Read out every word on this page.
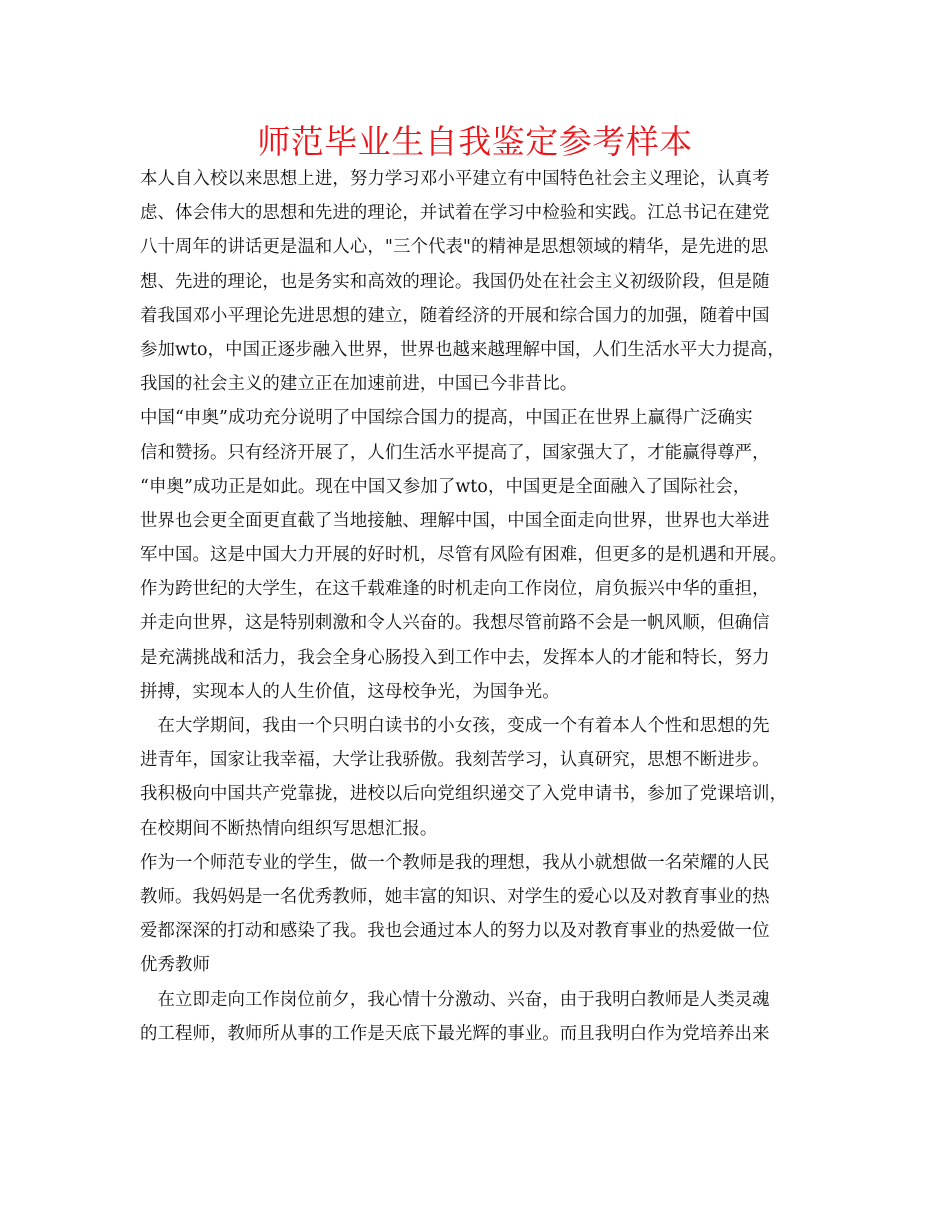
师范毕业生自我鉴定参考样本
本人自入校以来思想上进，努力学习邓小平建立有中国特色社会主义理论，认真考
虑、体会伟大的思想和先进的理论，并试着在学习中检验和实践。江总书记在建党
八十周年的讲话更是温和人心，"三个代表"的精神是思想领域的精华，是先进的思
想、先进的理论，也是务实和高效的理论。我国仍处在社会主义初级阶段，但是随
着我国邓小平理论先进思想的建立，随着经济的开展和综合国力的加强，随着中国
参加wto，中国正逐步融入世界，世界也越来越理解中国，人们生活水平大力提高，
我国的社会主义的建立正在加速前进，中国已今非昔比。
中国“申奥”成功充分说明了中国综合国力的提高，中国正在世界上赢得广泛确实
信和赞扬。只有经济开展了，人们生活水平提高了，国家强大了，才能赢得尊严，
“申奥”成功正是如此。现在中国又参加了wto，中国更是全面融入了国际社会，
世界也会更全面更直截了当地接触、理解中国，中国全面走向世界，世界也大举进
军中国。这是中国大力开展的好时机，尽管有风险有困难，但更多的是机遇和开展。
作为跨世纪的大学生，在这千载难逢的时机走向工作岗位，肩负振兴中华的重担，
并走向世界，这是特别刺激和令人兴奋的。我想尽管前路不会是一帆风顺，但确信
是充满挑战和活力，我会全身心肠投入到工作中去，发挥本人的才能和特长，努力
拼搏，实现本人的人生价值，这母校争光，为国争光。
　在大学期间，我由一个只明白读书的小女孩，变成一个有着本人个性和思想的先
进青年，国家让我幸福，大学让我骄傲。我刻苦学习，认真研究，思想不断进步。
我积极向中国共产党靠拢，进校以后向党组织递交了入党申请书，参加了党课培训，
在校期间不断热情向组织写思想汇报。
作为一个师范专业的学生，做一个教师是我的理想，我从小就想做一名荣耀的人民
教师。我妈妈是一名优秀教师，她丰富的知识、对学生的爱心以及对教育事业的热
爱都深深的打动和感染了我。我也会通过本人的努力以及对教育事业的热爱做一位
优秀教师
　在立即走向工作岗位前夕，我心情十分激动、兴奋，由于我明白教师是人类灵魂
的工程师，教师所从事的工作是天底下最光辉的事业。而且我明白作为党培养出来
